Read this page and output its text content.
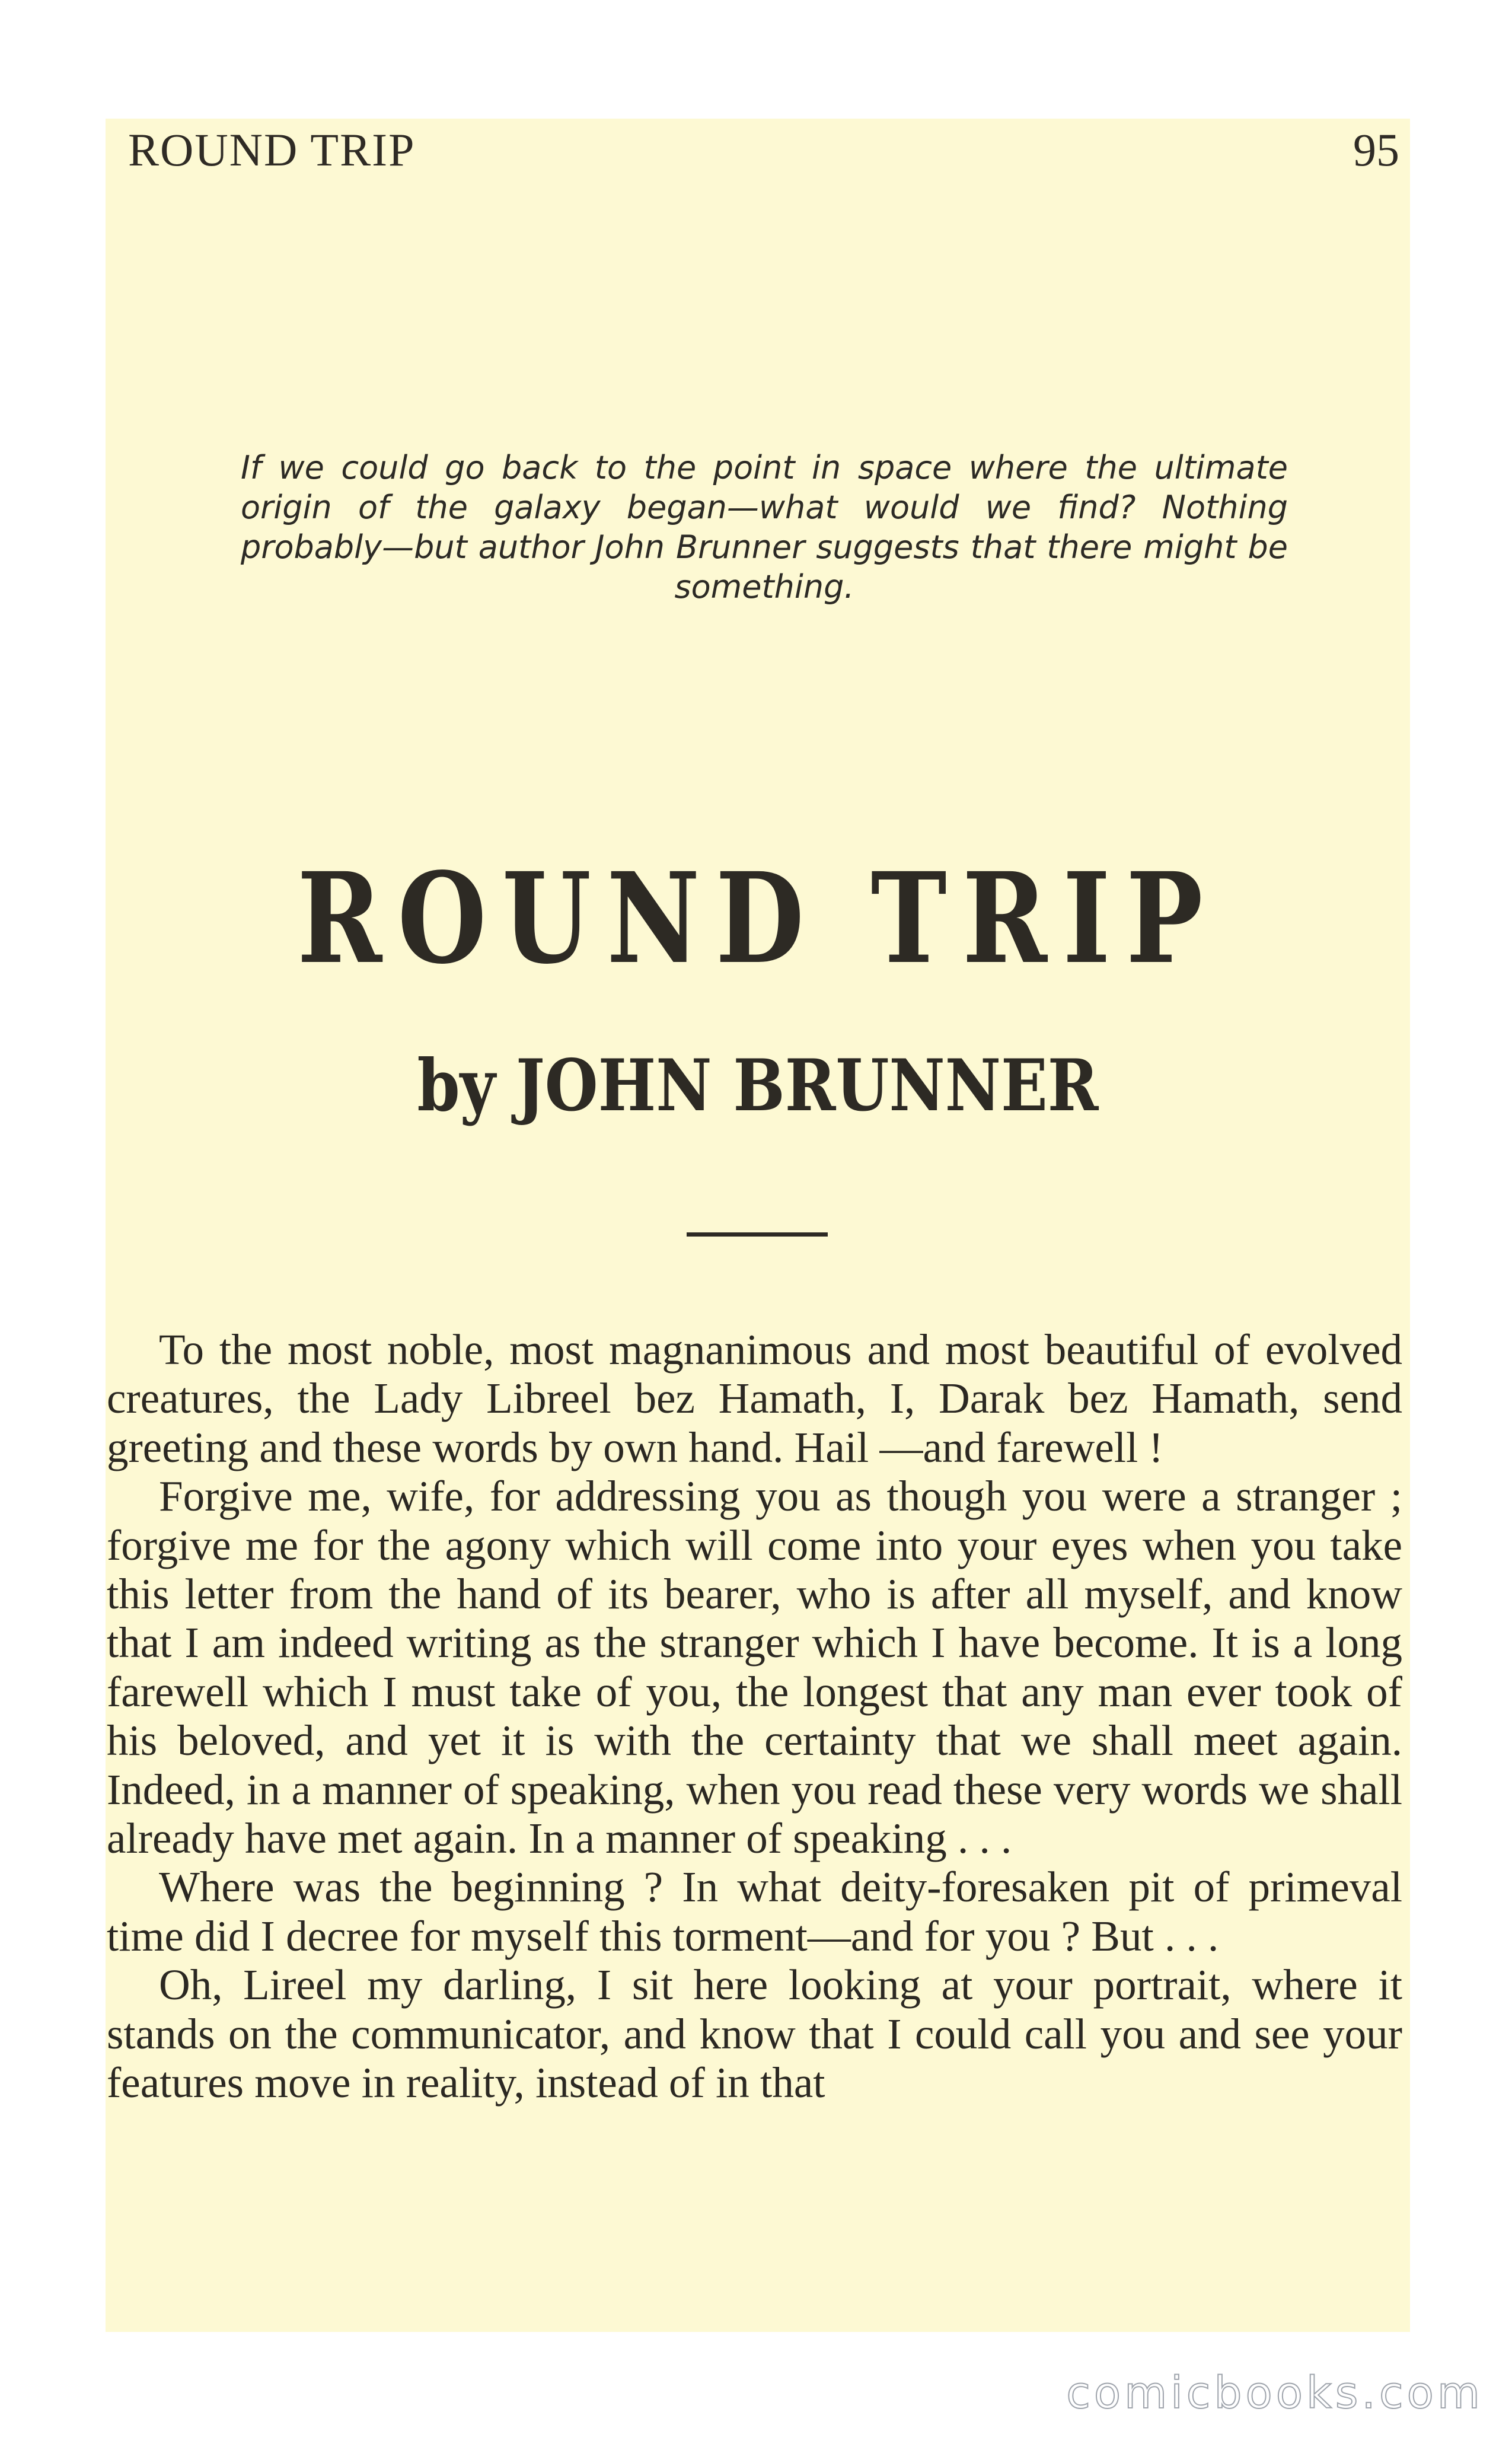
ROUND TRIP	95
If we could go back to the point in space where the ultimate origin of the galaxy began—what would we find? Nothing probably—but author John Brunner suggests that there might be something.
ROUND TRIP
by JOHN BRUNNER

To the most noble, most magnanimous and most beautiful of evolved creatures, the Lady Libreel bez Hamath, I, Darak bez Hamath, send greeting and these words by own hand. Hail —and farewell !

Forgive me, wife, for addressing you as though you were a stranger ; forgive me for the agony which will come into your eyes when you take this letter from the hand of its bearer, who is after all myself, and know that I am indeed writing as the stranger which I have become. It is a long farewell which I must take of you, the longest that any man ever took of his beloved, and yet it is with the certainty that we shall meet again. Indeed, in a manner of speaking, when you read these very words we shall already have met again. In a manner of speaking . . .

Where was the beginning ? In what deity-foresaken pit of primeval time did I decree for myself this torment—and for you ? But . . .

Oh, Lireel my darling, I sit here looking at your portrait, where it stands on the communicator, and know that I could call you and see your features move in reality, instead of in that

comicbooks.com
